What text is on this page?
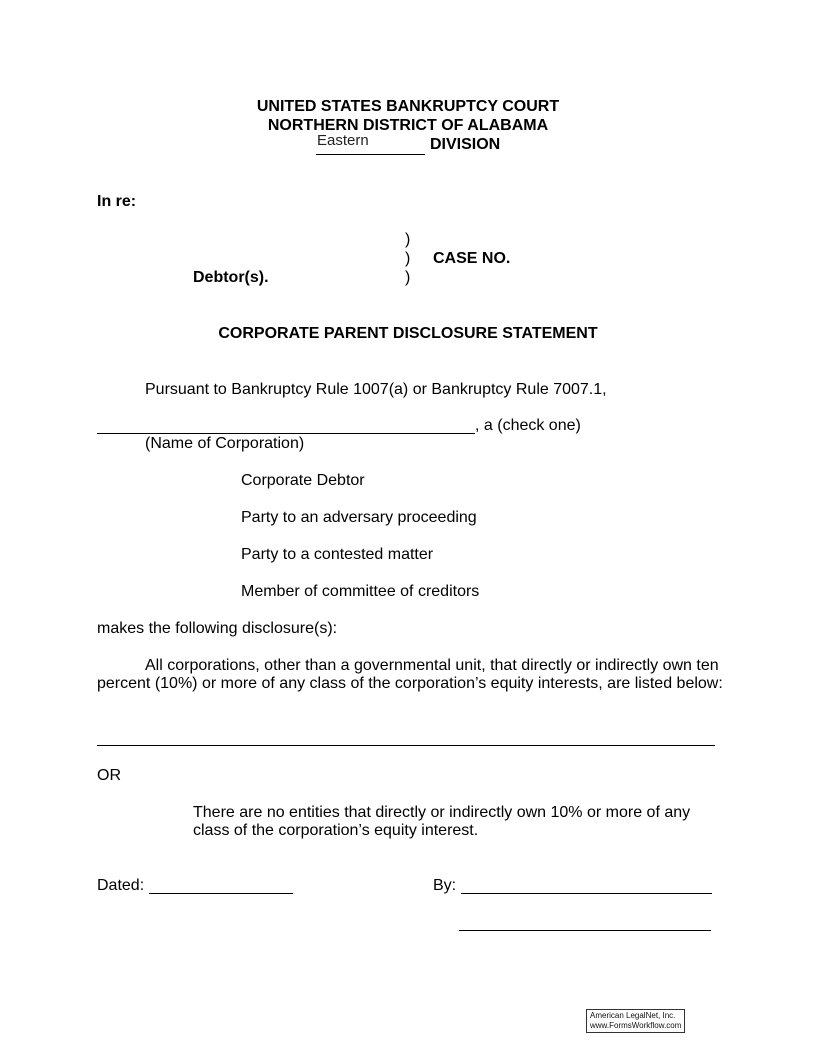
UNITED STATES BANKRUPTCY COURT
NORTHERN DISTRICT OF ALABAMA
Eastern	DIVISION
In re:
)
)
)
CASE NO.
Debtor(s).
CORPORATE PARENT DISCLOSURE STATEMENT
Pursuant to Bankruptcy Rule 1007(a) or Bankruptcy Rule 7007.1,
, a (check one)
(Name of Corporation)
Corporate Debtor
Party to an adversary proceeding
Party to a contested matter
Member of committee of creditors
makes the following disclosure(s):
All corporations, other than a governmental unit, that directly or indirectly own ten percent (10%) or more of any class of the corporation’s equity interests, are listed below:
OR
There are no entities that directly or indirectly own 10% or more of any class of the corporation’s equity interest.
Dated:	By:
American LegalNet, Inc.
www.FormsWorkflow.com
